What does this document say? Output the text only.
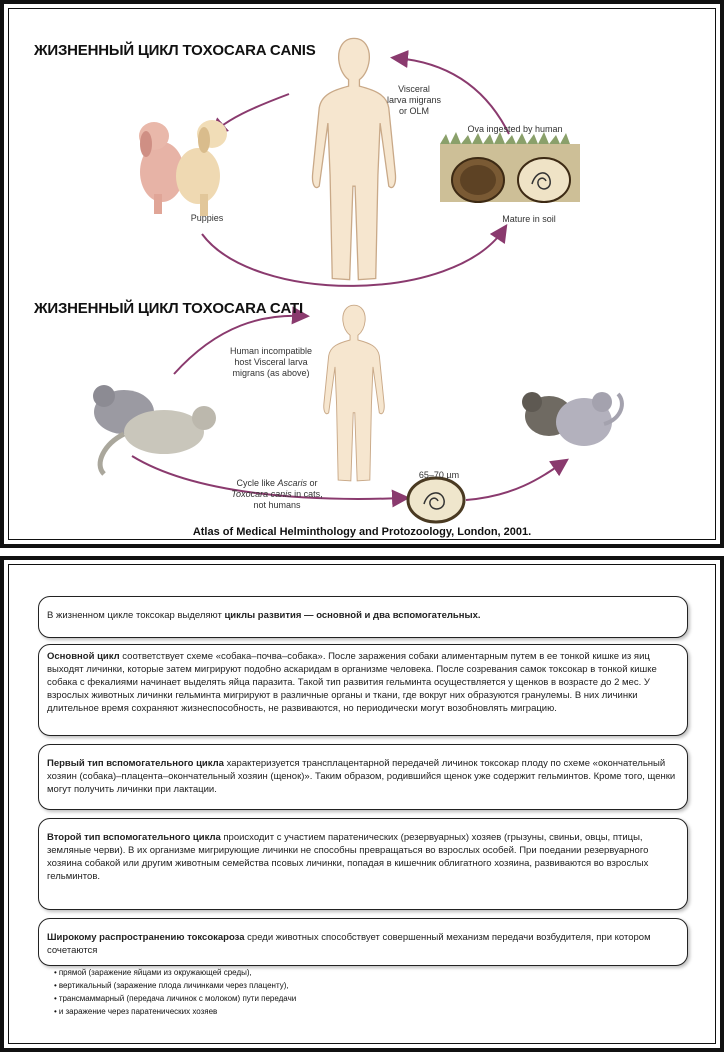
ЖИЗНЕННЫЙ ЦИКЛ TOXOCARA CANIS
ЖИЗНЕННЫЙ ЦИКЛ TOXOCARA CATI
Visceral
larva migrans
or OLM
Ova ingested by human
Puppies	Mature in soil
Human incompatible
host Visceral larva
migrans (as above)
Cycle like Ascaris or
Toxocara canis in cats,
not humans
65–70 µm
Atlas of Medical Helminthology and Protozoology, London, 2001.
В жизненном цикле токсокар выделяют циклы развития — основной и два вспомогательных.
Основной цикл соответствует схеме «собака–почва–собака». После заражения собаки алиментарным путем в ее тонкой кишке из яиц выходят личинки, которые затем мигрируют подобно аскаридам в организме человека. После созревания самок токсокар в тонкой кишке собака с фекалиями начинает выделять яйца паразита. Такой тип развития гельминта осуществляется у щенков в возрасте до 2 мес. У взрослых животных личинки гельминта мигрируют в различные органы и ткани, где вокруг них образуются гранулемы. В них личинки длительное время сохраняют жизнеспособность, не развиваются, но периодически могут возобновлять миграцию.
Первый тип вспомогательного цикла характеризуется трансплацентарной передачей личинок токсокар плоду по схеме «окончательный хозяин (собака)–плацента–окончательный хозяин (щенок)». Таким образом, родившийся щенок уже содержит гельминтов. Кроме того, щенки могут получить личинки при лактации.
Второй тип вспомогательного цикла происходит с участием паратенических (резервуарных) хозяев (грызуны, свиньи, овцы, птицы, земляные черви). В их организме мигрирующие личинки не способны превращаться во взрослых особей. При поедании резервуарного хозяина собакой или другим животным семейства псовых личинки, попадая в кишечник облигатного хозяина, развиваются во взрослых гельминтов.
Широкому распространению токсокароза среди животных способствует совершенный механизм передачи возбудителя, при котором сочетаются
• прямой (заражение яйцами из окружающей среды),
• вертикальный (заражение плода личинками через плаценту),
• трансмаммарный (передача личинок с молоком) пути передачи
• и заражение через паратенических хозяев
